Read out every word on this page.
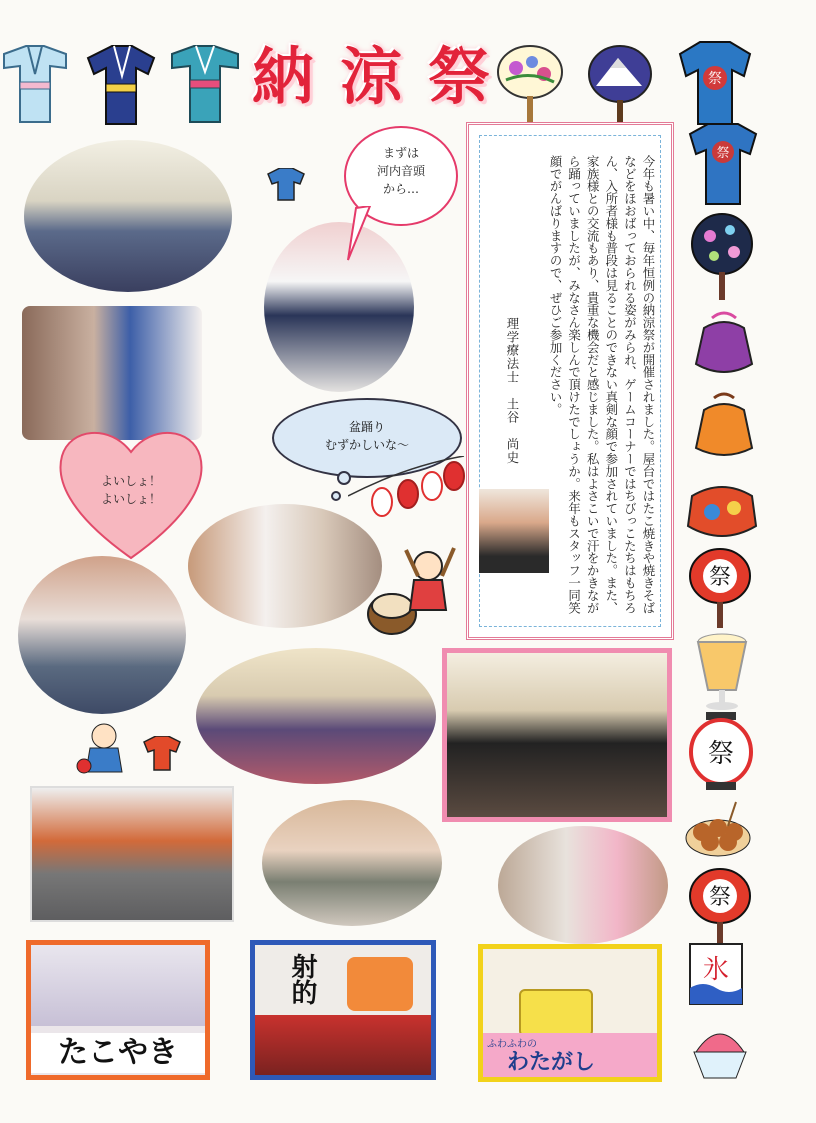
祭
納 涼 祭
祭
祭
祭
祭
氷
たこやき
射的
ふわふわの
わたがし
まずは
河内音頭
から…
盆踊り
むずかしいな〜
よいしょ！
よいしょ！	今年も暑い中、毎年恒例の納涼祭が開催されました。屋台ではたこ焼きや焼きそばなどをほおばっておられる姿がみられ、ゲームコーナーではちびっこたちはもちろん、入所者様も普段は見ることのできない真剣な顔で参加されていました。また、家族様との交流もあり、貴重な機会だと感じました。私はよさこいで汗をかきながら踊っていましたが、みなさん楽しんで頂けたでしょうか。来年もスタッフ一同笑顔でがんばりますので、ぜひご参加ください。
理学療法士　土谷　尚史
